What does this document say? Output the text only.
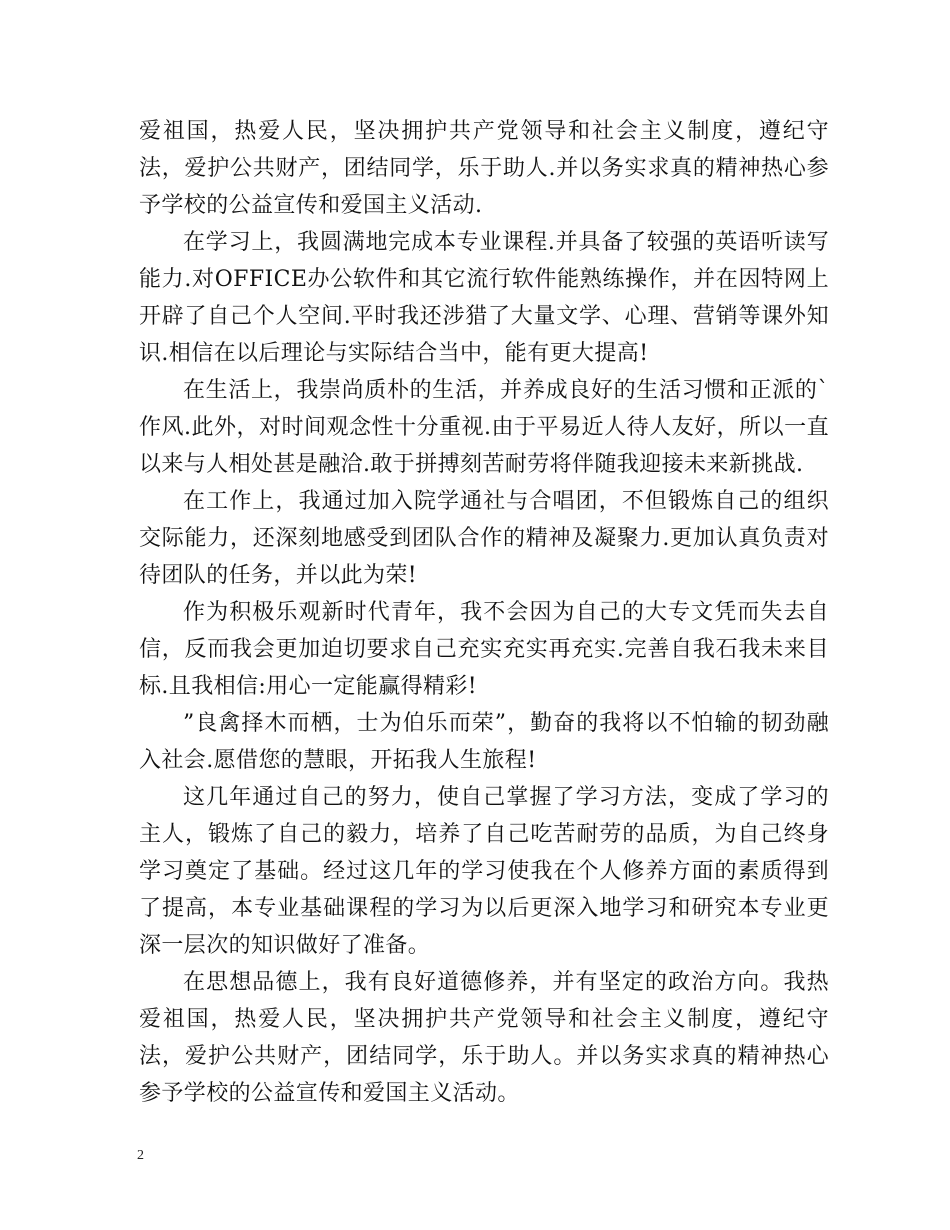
爱祖国，热爱人民，坚决拥护共产党领导和社会主义制度，遵纪守法，爱护公共财产，团结同学，乐于助人.并以务实求真的精神热心参予学校的公益宣传和爱国主义活动.

在学习上，我圆满地完成本专业课程.并具备了较强的英语听读写能力.对OFFICE办公软件和其它流行软件能熟练操作，并在因特网上开辟了自己个人空间.平时我还涉猎了大量文学、心理、营销等课外知识.相信在以后理论与实际结合当中，能有更大提高!

在生活上，我崇尚质朴的生活，并养成良好的生活习惯和正派的`作风.此外，对时间观念性十分重视.由于平易近人待人友好，所以一直以来与人相处甚是融洽.敢于拼搏刻苦耐劳将伴随我迎接未来新挑战.

在工作上，我通过加入院学通社与合唱团，不但锻炼自己的组织交际能力，还深刻地感受到团队合作的精神及凝聚力.更加认真负责对待团队的任务，并以此为荣!

作为积极乐观新时代青年，我不会因为自己的大专文凭而失去自信，反而我会更加迫切要求自己充实充实再充实.完善自我石我未来目标.且我相信:用心一定能赢得精彩!

”良禽择木而栖，士为伯乐而荣”，勤奋的我将以不怕输的韧劲融入社会.愿借您的慧眼，开拓我人生旅程!

这几年通过自己的努力，使自己掌握了学习方法，变成了学习的主人，锻炼了自己的毅力，培养了自己吃苦耐劳的品质，为自己终身学习奠定了基础。经过这几年的学习使我在个人修养方面的素质得到了提高，本专业基础课程的学习为以后更深入地学习和研究本专业更深一层次的知识做好了准备。

在思想品德上，我有良好道德修养，并有坚定的政治方向。我热爱祖国，热爱人民，坚决拥护共产党领导和社会主义制度，遵纪守法，爱护公共财产，团结同学，乐于助人。并以务实求真的精神热心参予学校的公益宣传和爱国主义活动。

2
